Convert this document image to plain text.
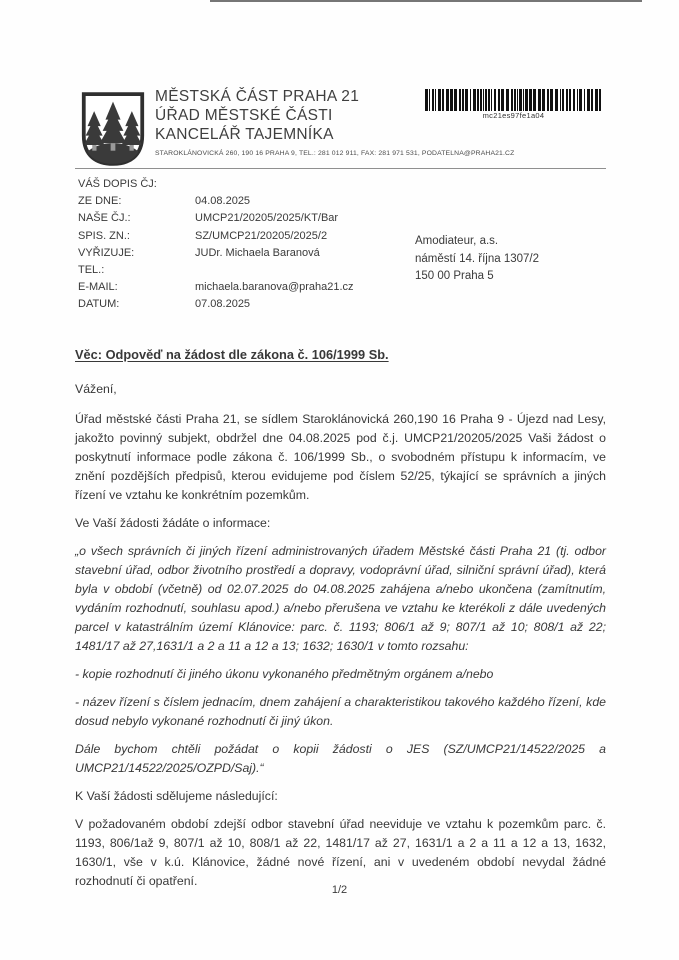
MĚSTSKÁ ČÁST PRAHA 21
ÚŘAD MĚSTSKÉ ČÁSTI
KANCELÁŘ TAJEMNÍKA
STAROKLÁNOVICKÁ 260, 190 16 PRAHA 9, TEL.: 281 012 911, FAX: 281 971 531, PODATELNA@PRAHA21.CZ
mc21es97fe1a04
VÁŠ DOPIS ČJ:
ZE DNE:	04.08.2025
NAŠE ČJ.:	UMCP21/20205/2025/KT/Bar
SPIS. ZN.:	SZ/UMCP21/20205/2025/2
VYŘIZUJE:	JUDr. Michaela Baranová
TEL.:
E-MAIL:	michaela.baranova@praha21.cz
DATUM:	07.08.2025
Amodiateur, a.s.
náměstí 14. října 1307/2
150 00 Praha 5

Věc: Odpověď na žádost dle zákona č. 106/1999 Sb.

Vážení,

Úřad městské části Praha 21, se sídlem Staroklánovická 260,190 16 Praha 9 - Újezd nad Lesy, jakožto povinný subjekt, obdržel dne 04.08.2025 pod č.j. UMCP21/20205/2025 Vaši žádost o poskytnutí informace podle zákona č. 106/1999 Sb., o svobodném přístupu k informacím, ve znění pozdějších předpisů, kterou evidujeme pod číslem 52/25, týkající se správních a jiných řízení ve vztahu ke konkrétním pozemkům.

Ve Vaší žádosti žádáte o informace:

„o všech správních či jiných řízení administrovaných úřadem Městské části Praha 21 (tj. odbor stavební úřad, odbor životního prostředí a dopravy, vodoprávní úřad, silniční správní úřad), která byla v období (včetně) od 02.07.2025 do 04.08.2025 zahájena a/nebo ukončena (zamítnutím, vydáním rozhodnutí, souhlasu apod.) a/nebo přerušena ve vztahu ke kterékoli z dále uvedených parcel v katastrálním území Klánovice: parc. č. 1193; 806/1 až 9; 807/1 až 10; 808/1 až 22; 1481/17 až 27,1631/1 a 2 a 11 a 12 a 13; 1632; 1630/1 v tomto rozsahu:

- kopie rozhodnutí či jiného úkonu vykonaného předmětným orgánem a/nebo

- název řízení s číslem jednacím, dnem zahájení a charakteristikou takového každého řízení, kde dosud nebylo vykonané rozhodnutí či jiný úkon.

Dále bychom chtěli požádat o kopii žádosti o JES (SZ/UMCP21/14522/2025 a UMCP21/14522/2025/OZPD/Saj).“

K Vaší žádosti sdělujeme následující:

V požadovaném období zdejší odbor stavební úřad neeviduje ve vztahu k pozemkům parc. č. 1193, 806/1až 9, 807/1 až 10, 808/1 až 22, 1481/17 až 27, 1631/1 a 2 a 11 a 12 a 13, 1632, 1630/1, vše v k.ú. Klánovice, žádné nové řízení, ani v uvedeném období nevydal žádné rozhodnutí či opatření.

1/2
